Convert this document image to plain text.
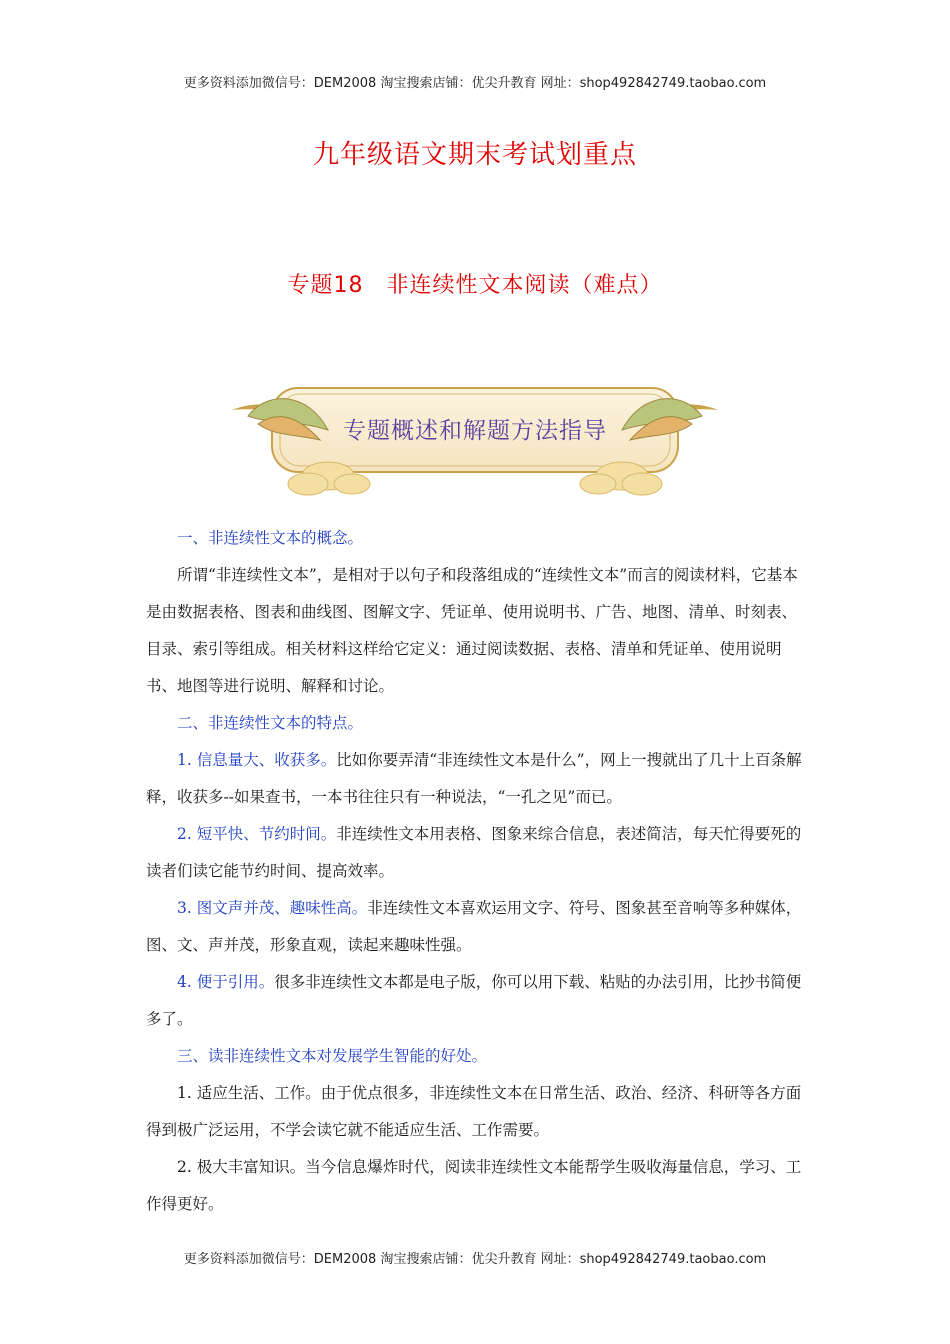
更多资料添加微信号：DEM2008 淘宝搜索店铺：优尖升教育 网址：shop492842749.taobao.com
九年级语文期末考试划重点
专题18　非连续性文本阅读（难点）
专题概述和解题方法指导

一、非连续性文本的概念。

所谓“非连续性文本”，是相对于以句子和段落组成的“连续性文本”而言的阅读材料，它基本是由数据表格、图表和曲线图、图解文字、凭证单、使用说明书、广告、地图、清单、时刻表、目录、索引等组成。相关材料这样给它定义：通过阅读数据、表格、清单和凭证单、使用说明书、地图等进行说明、解释和讨论。

二、非连续性文本的特点。

1. 信息量大、收获多。比如你要弄清“非连续性文本是什么”，网上一搜就出了几十上百条解释，收获多--如果查书，一本书往往只有一种说法，“一孔之见”而已。

2. 短平快、节约时间。非连续性文本用表格、图象来综合信息，表述简洁，每天忙得要死的读者们读它能节约时间、提高效率。

3. 图文声并茂、趣味性高。非连续性文本喜欢运用文字、符号、图象甚至音响等多种媒体，图、文、声并茂，形象直观，读起来趣味性强。

4. 便于引用。很多非连续性文本都是电子版，你可以用下载、粘贴的办法引用，比抄书简便多了。

三、读非连续性文本对发展学生智能的好处。

1. 适应生活、工作。由于优点很多，非连续性文本在日常生活、政治、经济、科研等各方面得到极广泛运用，不学会读它就不能适应生活、工作需要。

2. 极大丰富知识。当今信息爆炸时代，阅读非连续性文本能帮学生吸收海量信息，学习、工作得更好。

更多资料添加微信号：DEM2008 淘宝搜索店铺：优尖升教育 网址：shop492842749.taobao.com
